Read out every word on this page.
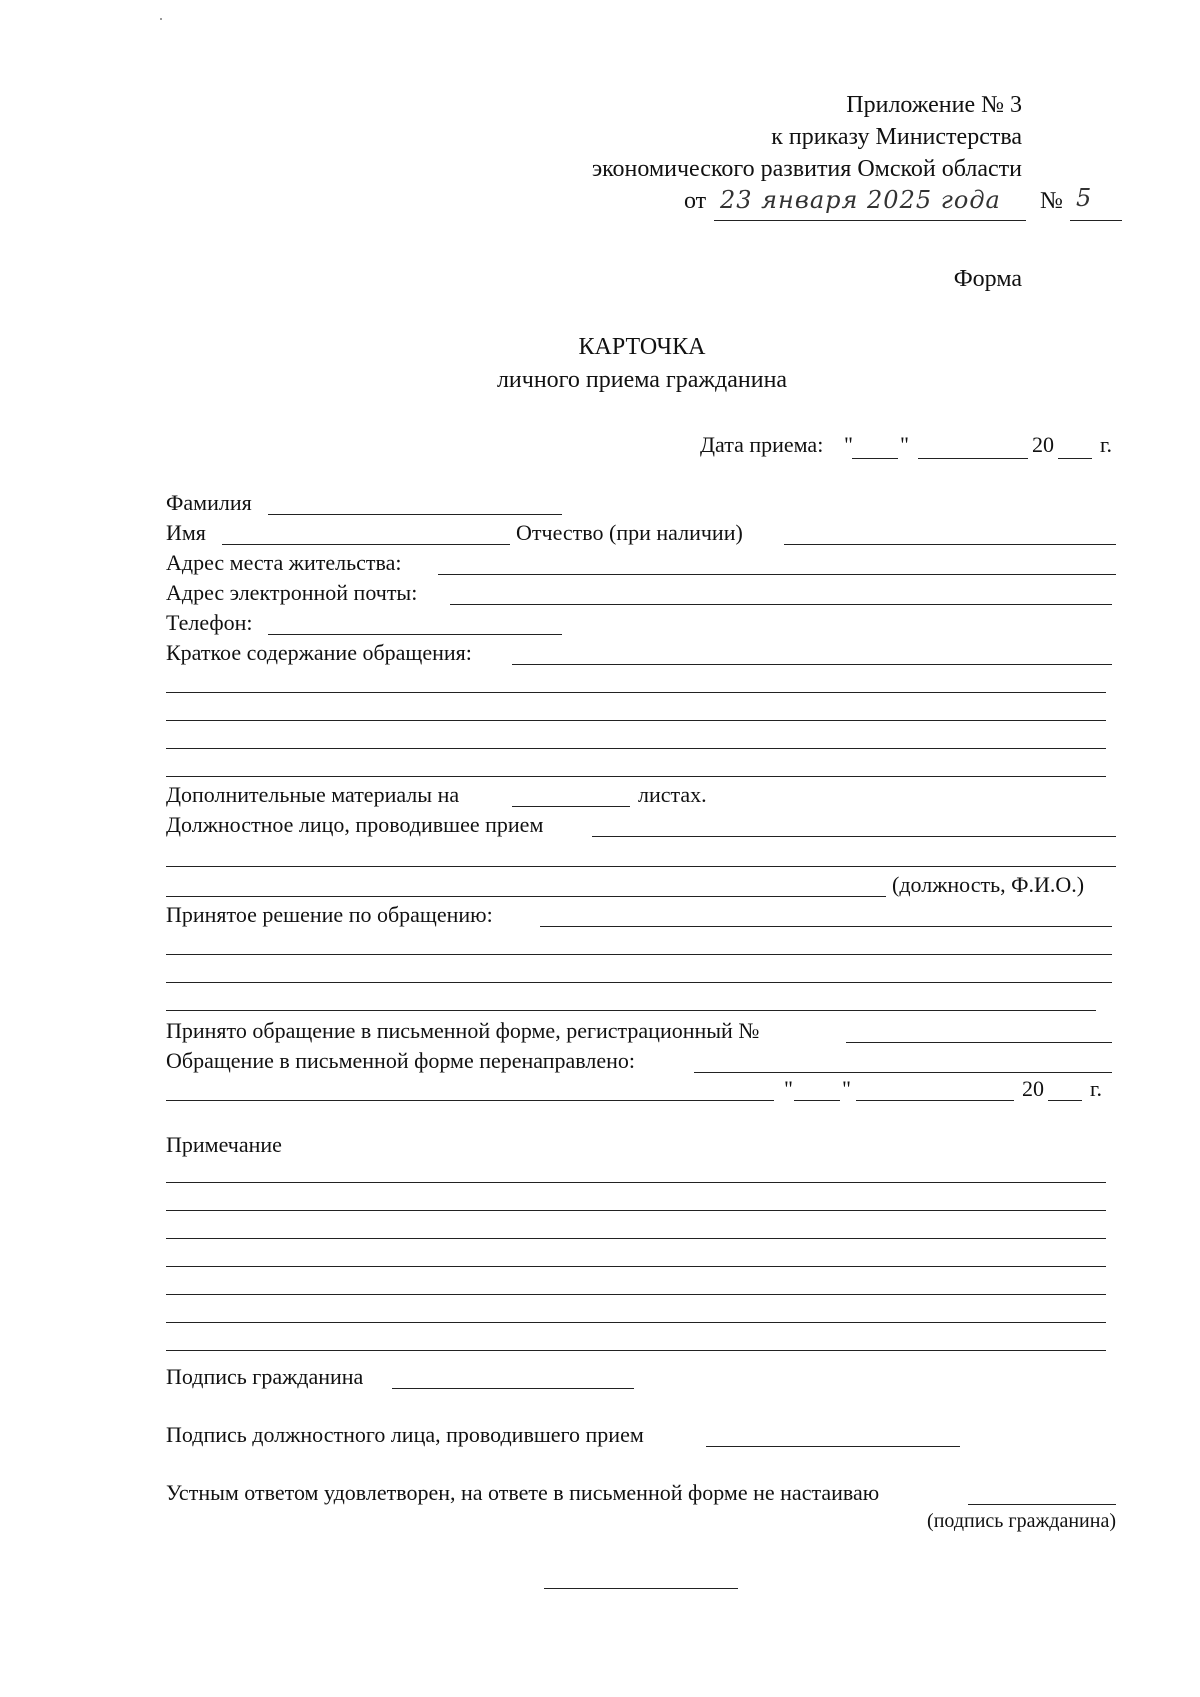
Приложение № 3
к приказу Министерства
экономического развития Омской области
от 23 января 2025 года № 5
Форма
КАРТОЧКА
личного приема гражданина
Дата приема: " "	20 г.
Фамилия
Имя	Отчество (при наличии)
Адрес места жительства:
Адрес электронной почты:
Телефон:
Краткое содержание обращения:
Дополнительные материалы на	листах.
Должностное лицо, проводившее прием
(должность, Ф.И.О.)
Принятое решение по обращению:
Принято обращение в письменной форме, регистрационный №
Обращение в письменной форме перенаправлено:
" "	20 г.
Примечание
Подпись гражданина
Подпись должностного лица, проводившего прием
Устным ответом удовлетворен, на ответе в письменной форме не настаиваю
(подпись гражданина)
